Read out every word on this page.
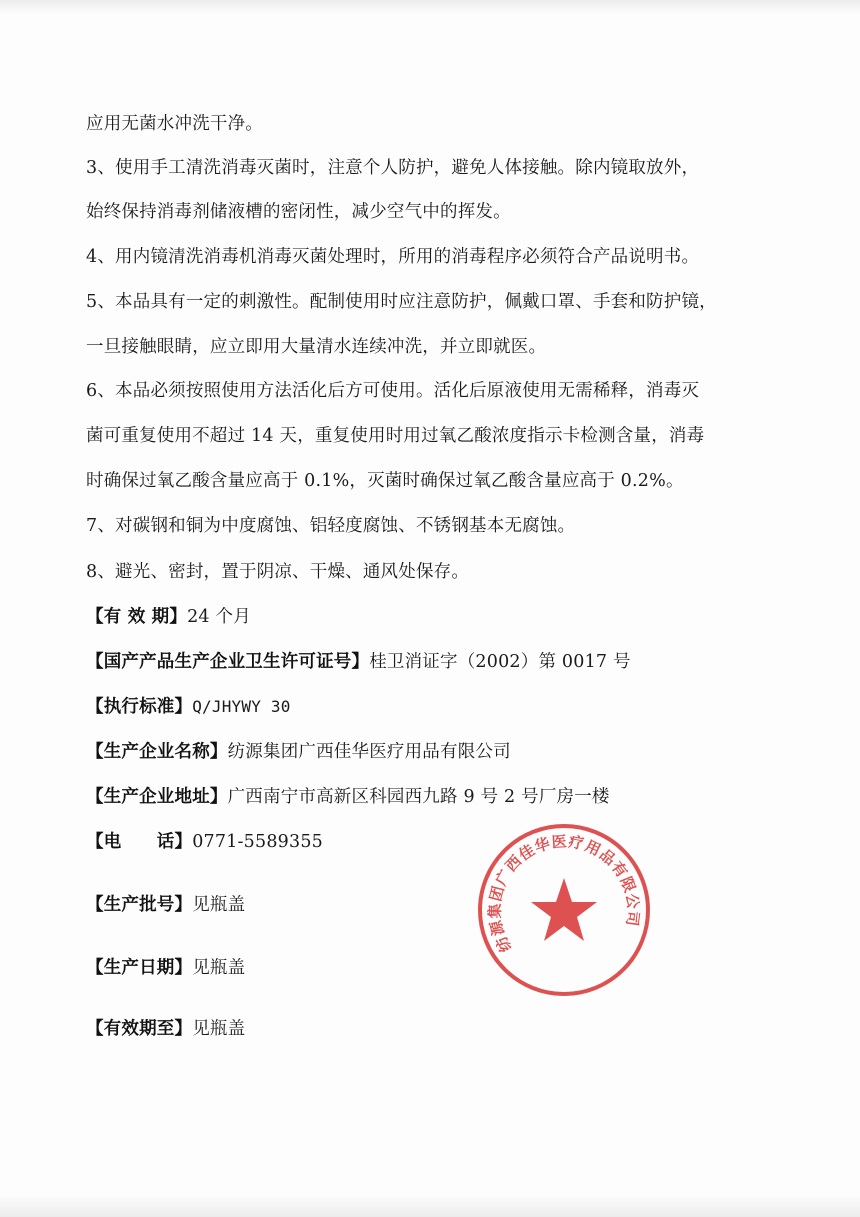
应用无菌水冲洗干净。
3、使用手工清洗消毒灭菌时，注意个人防护，避免人体接触。除内镜取放外，
始终保持消毒剂储液槽的密闭性，减少空气中的挥发。
4、用内镜清洗消毒机消毒灭菌处理时，所用的消毒程序必须符合产品说明书。
5、本品具有一定的刺激性。配制使用时应注意防护，佩戴口罩、手套和防护镜，
一旦接触眼睛，应立即用大量清水连续冲洗，并立即就医。
6、本品必须按照使用方法活化后方可使用。活化后原液使用无需稀释，消毒灭
菌可重复使用不超过 14 天，重复使用时用过氧乙酸浓度指示卡检测含量，消毒
时确保过氧乙酸含量应高于 0.1%，灭菌时确保过氧乙酸含量应高于 0.2%。
7、对碳钢和铜为中度腐蚀、铝轻度腐蚀、不锈钢基本无腐蚀。
8、避光、密封，置于阴凉、干燥、通风处保存。
【有 效 期】24 个月
【国产产品生产企业卫生许可证号】桂卫消证字（2002）第 0017 号
【执行标准】Q/JHYWY 30
【生产企业名称】纺源集团广西佳华医疗用品有限公司
【生产企业地址】广西南宁市高新区科园西九路 9 号 2 号厂房一楼
【电　　话】0771-5589355
【生产批号】见瓶盖
【生产日期】见瓶盖
【有效期至】见瓶盖
纺源集团广西佳华医疗用品有限公司
